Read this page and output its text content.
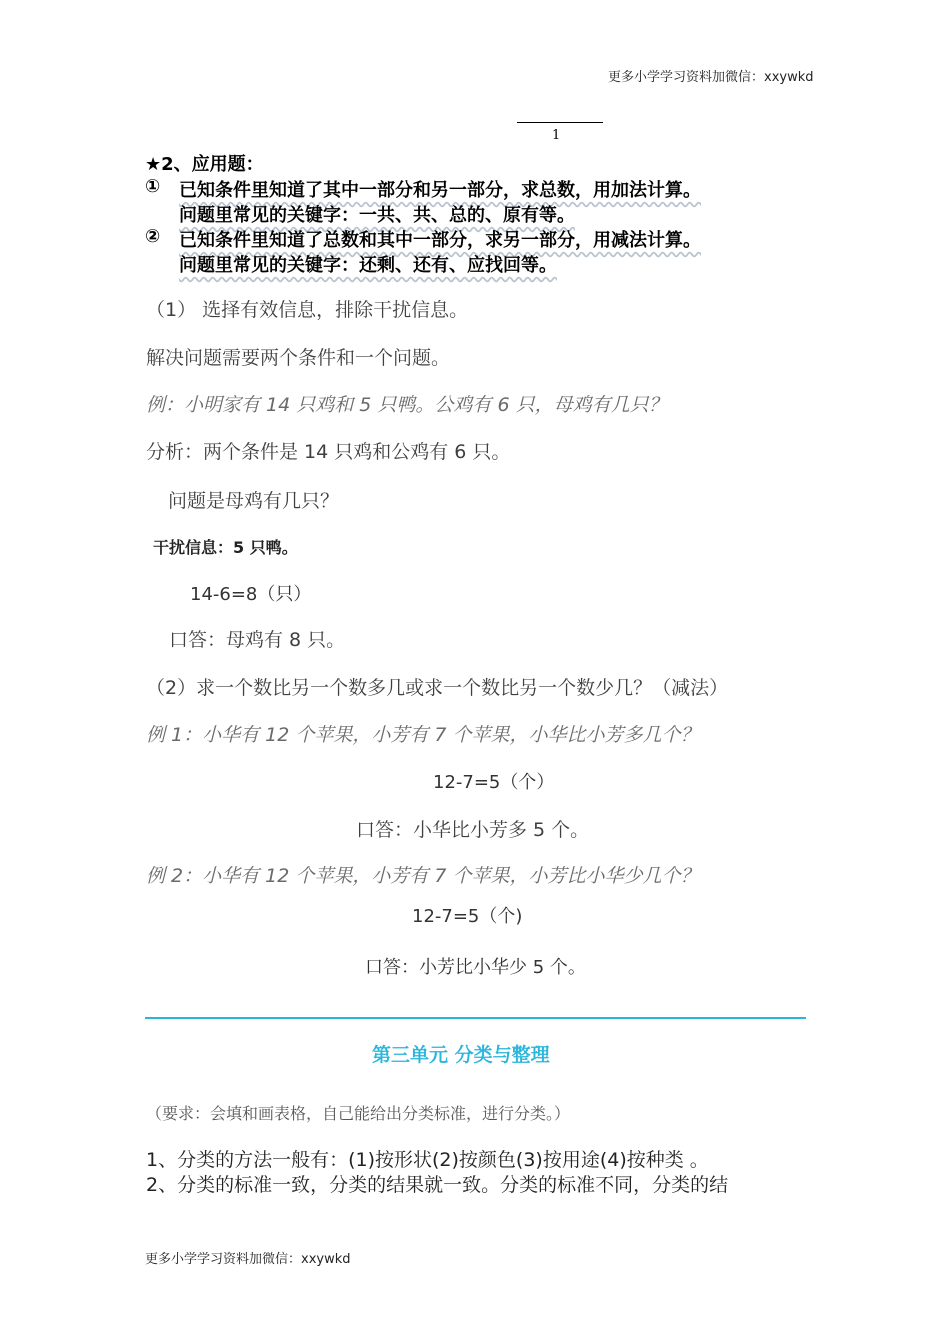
更多小学学习资料加微信：xxywkd
1
★2、应用题：
① 已知条件里知道了其中一部分和另一部分，求总数，用加法计算。
问题里常见的关键字：一共、共、总的、原有等。
② 已知条件里知道了总数和其中一部分，求另一部分，用减法计算。
问题里常见的关键字：还剩、还有、应找回等。
（1） 选择有效信息，排除干扰信息。
解决问题需要两个条件和一个问题。
例：小明家有 14 只鸡和 5 只鸭。公鸡有 6 只，母鸡有几只？
分析：两个条件是 14 只鸡和公鸡有 6 只。
问题是母鸡有几只？
干扰信息：5 只鸭。
14-6=8（只）
口答：母鸡有 8 只。
（2）求一个数比另一个数多几或求一个数比另一个数少几？（减法）
例 1：小华有 12 个苹果，小芳有 7 个苹果，小华比小芳多几个？
12-7=5（个）
口答：小华比小芳多 5 个。
例 2：小华有 12 个苹果，小芳有 7 个苹果，小芳比小华少几个？
12-7=5（个)
口答：小芳比小华少 5 个。
第三单元 分类与整理
（要求：会填和画表格，自己能给出分类标准，进行分类。）
1、分类的方法一般有：(1)按形状(2)按颜色(3)按用途(4)按种类 。
2、分类的标准一致，分类的结果就一致。分类的标准不同，分类的结
更多小学学习资料加微信：xxywkd
